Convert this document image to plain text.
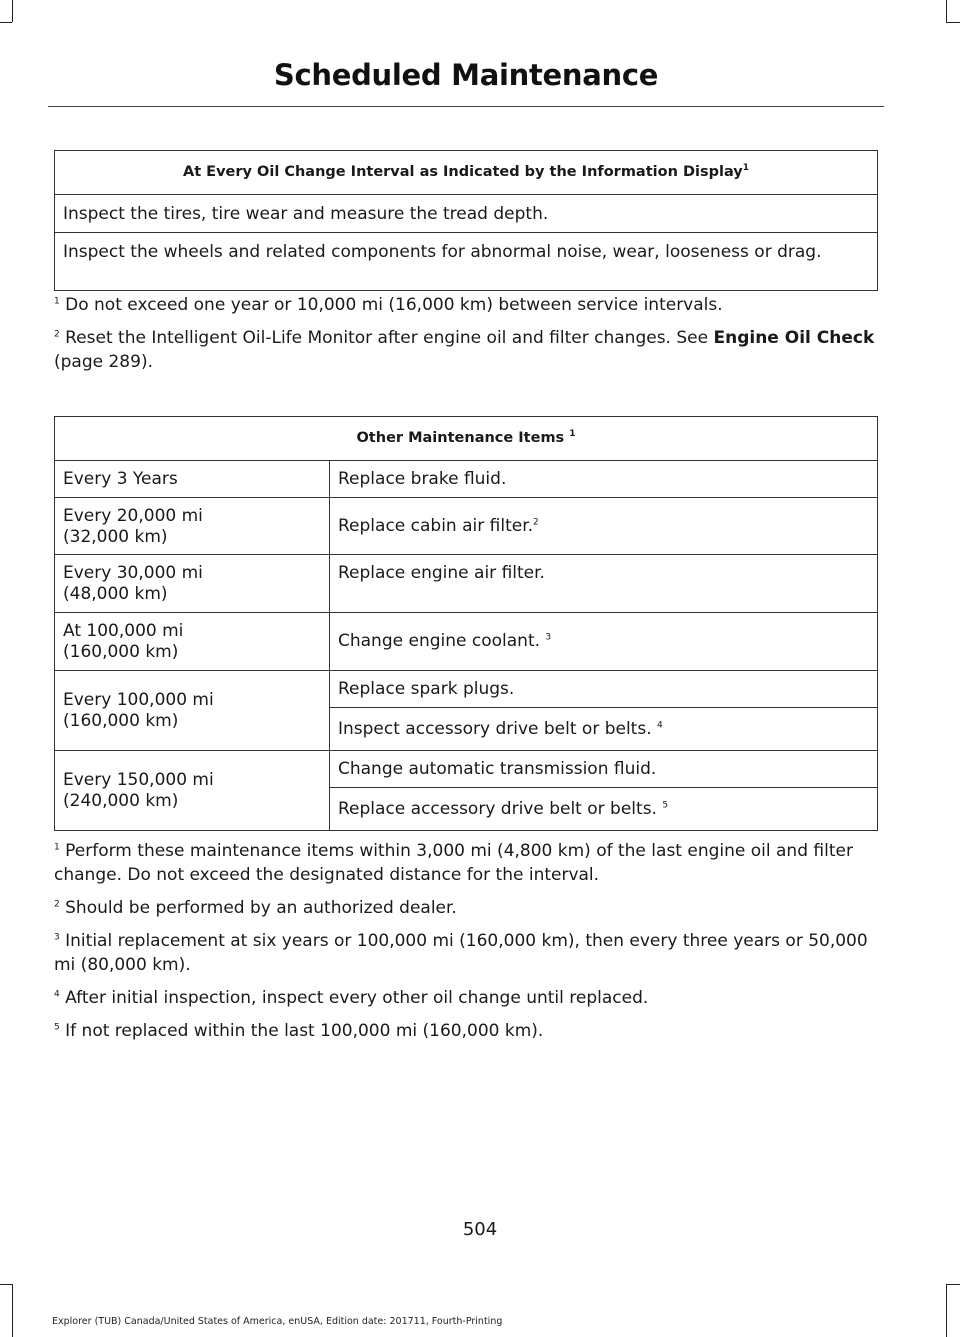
Scheduled Maintenance
At Every Oil Change Interval as Indicated by the Information Display$^1$
Inspect the tires, tire wear and measure the tread depth.
Inspect the wheels and related components for abnormal noise, wear, looseness or drag.

$^1$ Do not exceed one year or 10,000 mi (16,000 km) between service intervals.

$^2$ Reset the Intelligent Oil-Life Monitor after engine oil and filter changes. See Engine Oil Check (page 289).

Other Maintenance Items $^1$
Every 3 Years	Replace brake fluid.
Every 20,000 mi
(32,000 km)	Replace cabin air filter.$^2$
Every 30,000 mi
(48,000 km)	Replace engine air filter.
At 100,000 mi
(160,000 km)	Change engine coolant. $^3$
Every 100,000 mi
(160,000 km)	Replace spark plugs.
	Inspect accessory drive belt or belts. $^4$
Every 150,000 mi
(240,000 km)	Change automatic transmission fluid.
	Replace accessory drive belt or belts. $^5$

$^1$ Perform these maintenance items within 3,000 mi (4,800 km) of the last engine oil and filter change. Do not exceed the designated distance for the interval.

$^2$ Should be performed by an authorized dealer.

$^3$ Initial replacement at six years or 100,000 mi (160,000 km), then every three years or 50,000 mi (80,000 km).

$^4$ After initial inspection, inspect every other oil change until replaced.

$^5$ If not replaced within the last 100,000 mi (160,000 km).

504
Explorer (TUB) Canada/United States of America, enUSA, Edition date: 201711, Fourth-Printing
